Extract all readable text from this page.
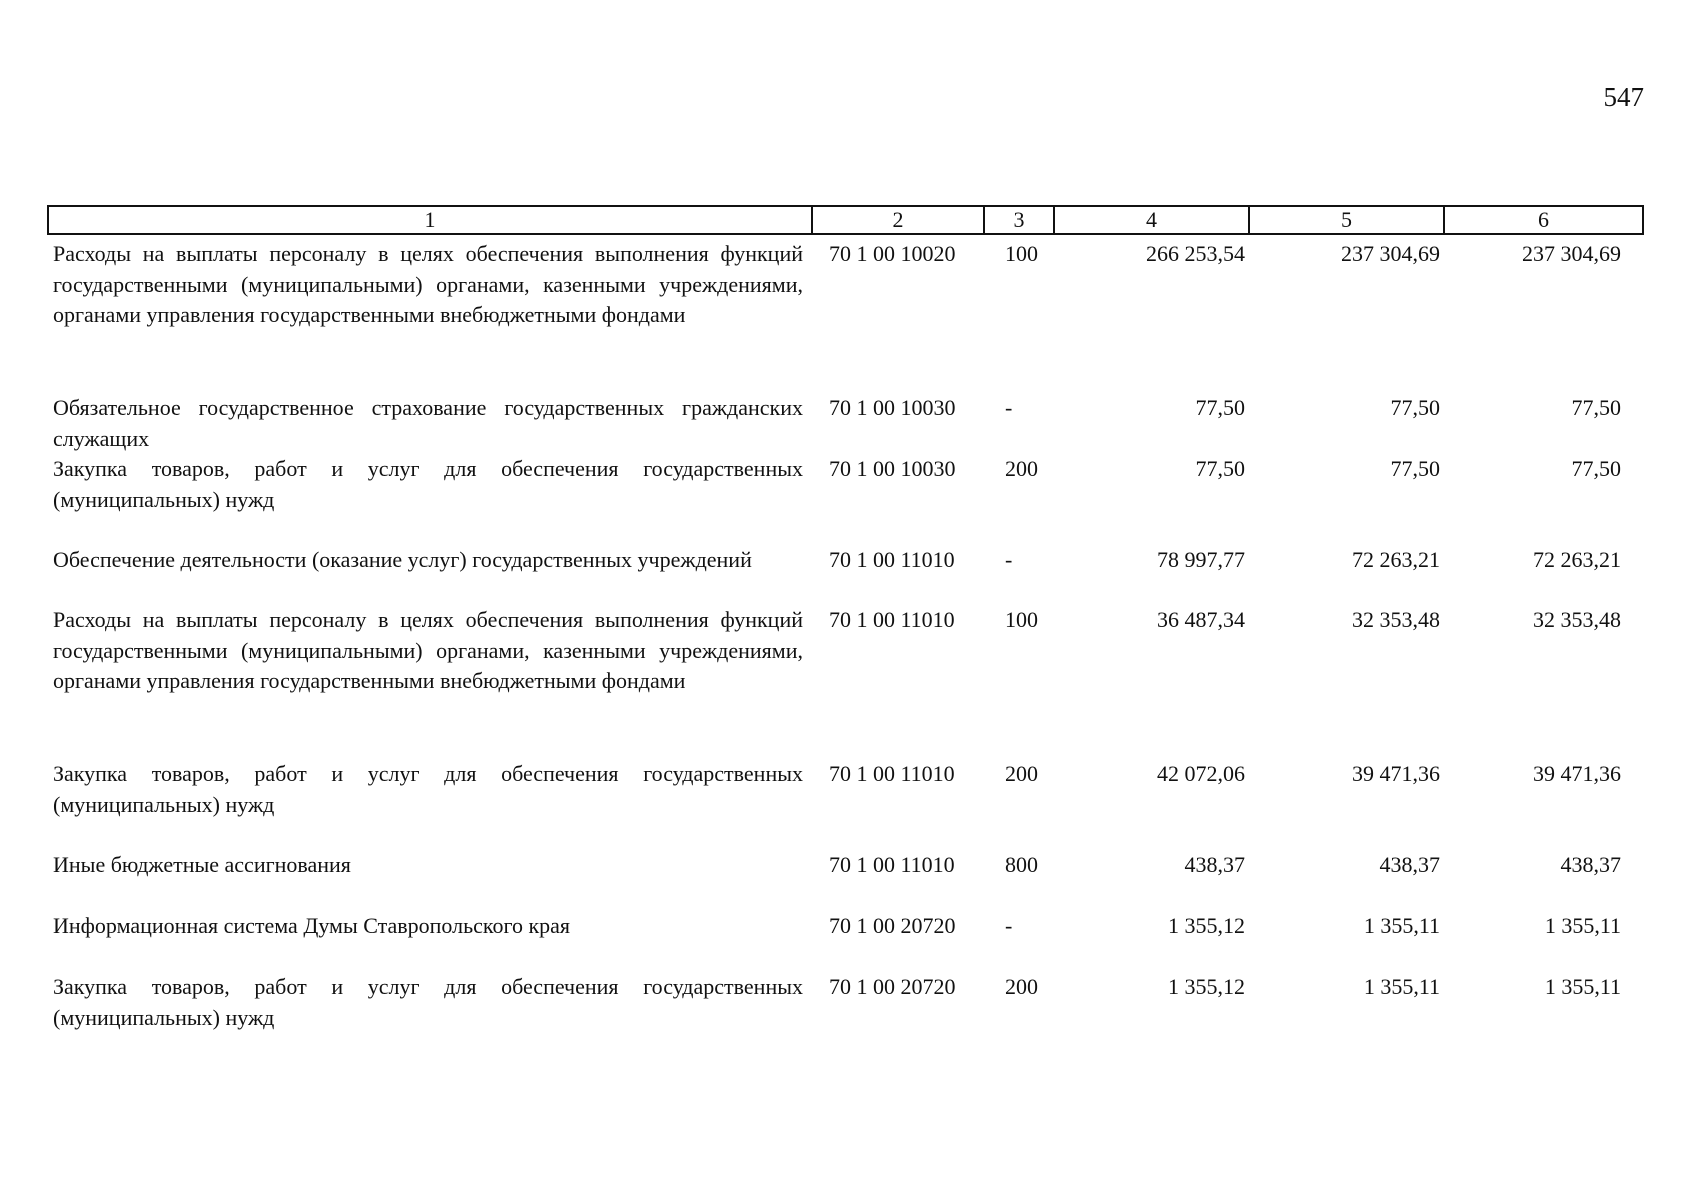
547
1	2	3	4	5	6
Расходы на выплаты персоналу в целях обеспечения выполнения функций государственными (муниципальными) органами, казенными учреждениями, органами управления государственными внебюджетными фондами	70 1 00 10020	100	266 253,54	237 304,69	237 304,69
Обязательное государственное страхование государственных гражданских служащих	70 1 00 10030	-	77,50	77,50	77,50
Закупка товаров, работ и услуг для обеспечения государственных (муниципальных) нужд	70 1 00 10030	200	77,50	77,50	77,50
Обеспечение деятельности (оказание услуг) государственных учреждений	70 1 00 11010	-	78 997,77	72 263,21	72 263,21
Расходы на выплаты персоналу в целях обеспечения выполнения функций государственными (муниципальными) органами, казенными учреждениями, органами управления государственными внебюджетными фондами	70 1 00 11010	100	36 487,34	32 353,48	32 353,48
Закупка товаров, работ и услуг для обеспечения государственных (муниципальных) нужд	70 1 00 11010	200	42 072,06	39 471,36	39 471,36
Иные бюджетные ассигнования	70 1 00 11010	800	438,37	438,37	438,37
Информационная система Думы Ставропольского края	70 1 00 20720	-	1 355,12	1 355,11	1 355,11
Закупка товаров, работ и услуг для обеспечения государственных (муниципальных) нужд	70 1 00 20720	200	1 355,12	1 355,11	1 355,11
